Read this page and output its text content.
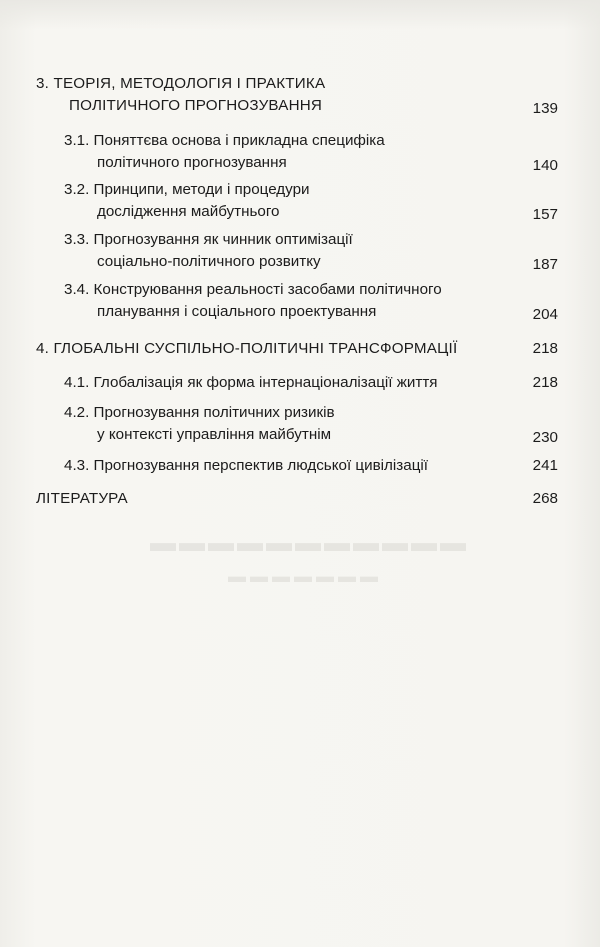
▬▬▬▬▬▬▬▬▬▬▬
▬▬▬▬▬▬▬
3. ТЕОРІЯ, МЕТОДОЛОГІЯ І ПРАКТИКА
ПОЛІТИЧНОГО ПРОГНОЗУВАННЯ	139
3.1. Поняттєва основа і прикладна специфіка
політичного прогнозування	140
3.2. Принципи, методи і процедури
дослідження майбутнього	157
3.3. Прогнозування як чинник оптимізації
соціально-політичного розвитку	187
3.4. Конструювання реальності засобами політичного
планування і соціального проектування	204
4. ГЛОБАЛЬНІ СУСПІЛЬНО-ПОЛІТИЧНІ ТРАНСФОРМАЦІЇ	218
4.1. Глобалізація як форма інтернаціоналізації життя	218
4.2. Прогнозування політичних ризиків
у контексті управління майбутнім	230
4.3. Прогнозування перспектив людської цивілізації	241
ЛІТЕРАТУРА	268
